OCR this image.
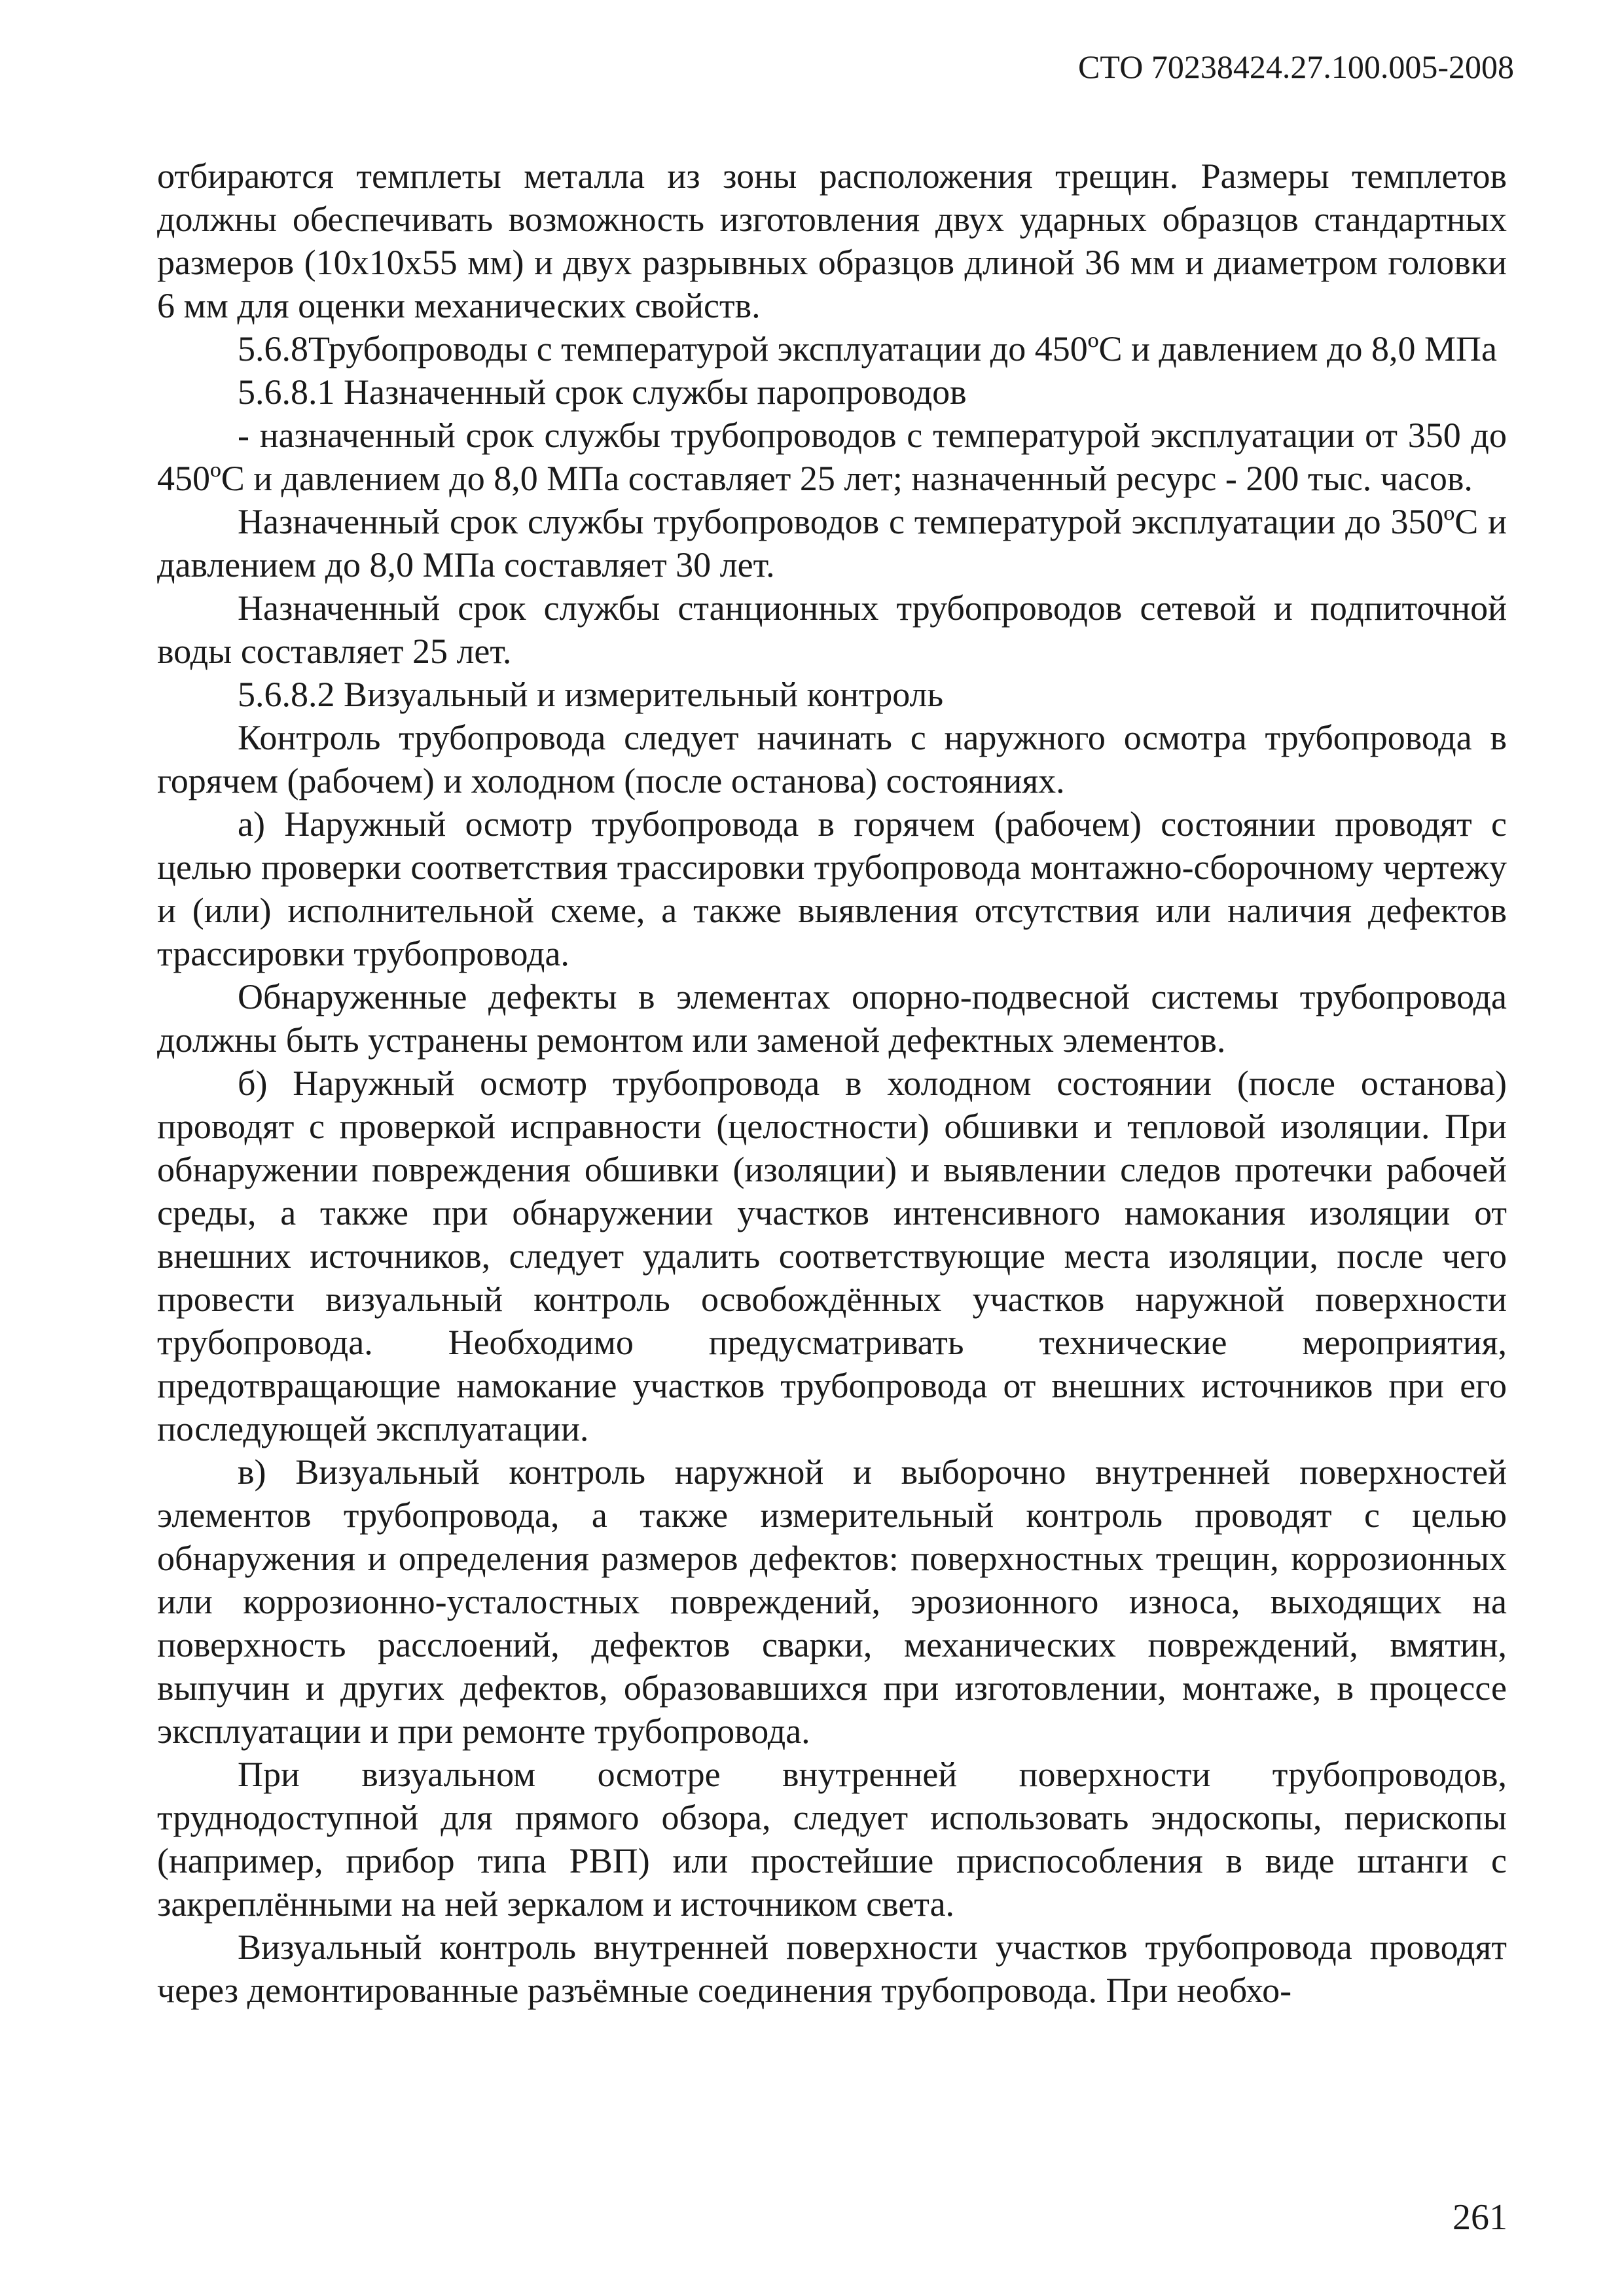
СТО 70238424.27.100.005-2008

отбираются темплеты металла из зоны расположения трещин. Размеры темплетов должны обеспечивать возможность изготовления двух ударных образцов стандартных размеров (10х10х55 мм) и двух разрывных образцов длиной 36 мм и диаметром головки 6 мм для оценки механических свойств.

5.6.8Трубопроводы с температурой эксплуатации до 450ºС и давлением до 8,0 МПа

5.6.8.1 Назначенный срок службы паропроводов

- назначенный срок службы трубопроводов с температурой эксплуатации от 350 до 450ºС и давлением до 8,0 МПа составляет 25 лет; назначенный ресурс - 200 тыс. часов.

Назначенный срок службы трубопроводов с температурой эксплуатации до 350ºС и давлением до 8,0 МПа составляет 30 лет.

Назначенный срок службы станционных трубопроводов сетевой и подпиточной воды составляет 25 лет.

5.6.8.2 Визуальный и измерительный контроль

Контроль трубопровода следует начинать с наружного осмотра трубопровода в горячем (рабочем) и холодном (после останова) состояниях.

а) Наружный осмотр трубопровода в горячем (рабочем) состоянии проводят с целью проверки соответствия трассировки трубопровода монтажно-сборочному чертежу и (или) исполнительной схеме, а также выявления отсутствия или наличия дефектов трассировки трубопровода.

Обнаруженные дефекты в элементах опорно-подвесной системы трубопровода должны быть устранены ремонтом или заменой дефектных элементов.

б) Наружный осмотр трубопровода в холодном состоянии (после останова) проводят с проверкой исправности (целостности) обшивки и тепловой изоляции. При обнаружении повреждения обшивки (изоляции) и выявлении следов протечки рабочей среды, а также при обнаружении участков интенсивного намокания изоляции от внешних источников, следует удалить соответствующие места изоляции, после чего провести визуальный контроль освобождённых участков наружной поверхности трубопровода. Необходимо предусматривать технические мероприятия, предотвращающие намокание участков трубопровода от внешних источников при его последующей эксплуатации.

в) Визуальный контроль наружной и выборочно внутренней поверхностей элементов трубопровода, а также измерительный контроль проводят с целью обнаружения и определения размеров дефектов: поверхностных трещин, коррозионных или коррозионно-усталостных повреждений, эрозионного износа, выходящих на поверхность расслоений, дефектов сварки, механических повреждений, вмятин, выпучин и других дефектов, образовавшихся при изготовлении, монтаже, в процессе эксплуатации и при ремонте трубопровода.

При визуальном осмотре внутренней поверхности трубопроводов, труднодоступной для прямого обзора, следует использовать эндоскопы, перископы (например, прибор типа РВП) или простейшие приспособления в виде штанги с закреплёнными на ней зеркалом и источником света.

Визуальный контроль внутренней поверхности участков трубопровода проводят через демонтированные разъёмные соединения трубопровода. При необхо-

261
